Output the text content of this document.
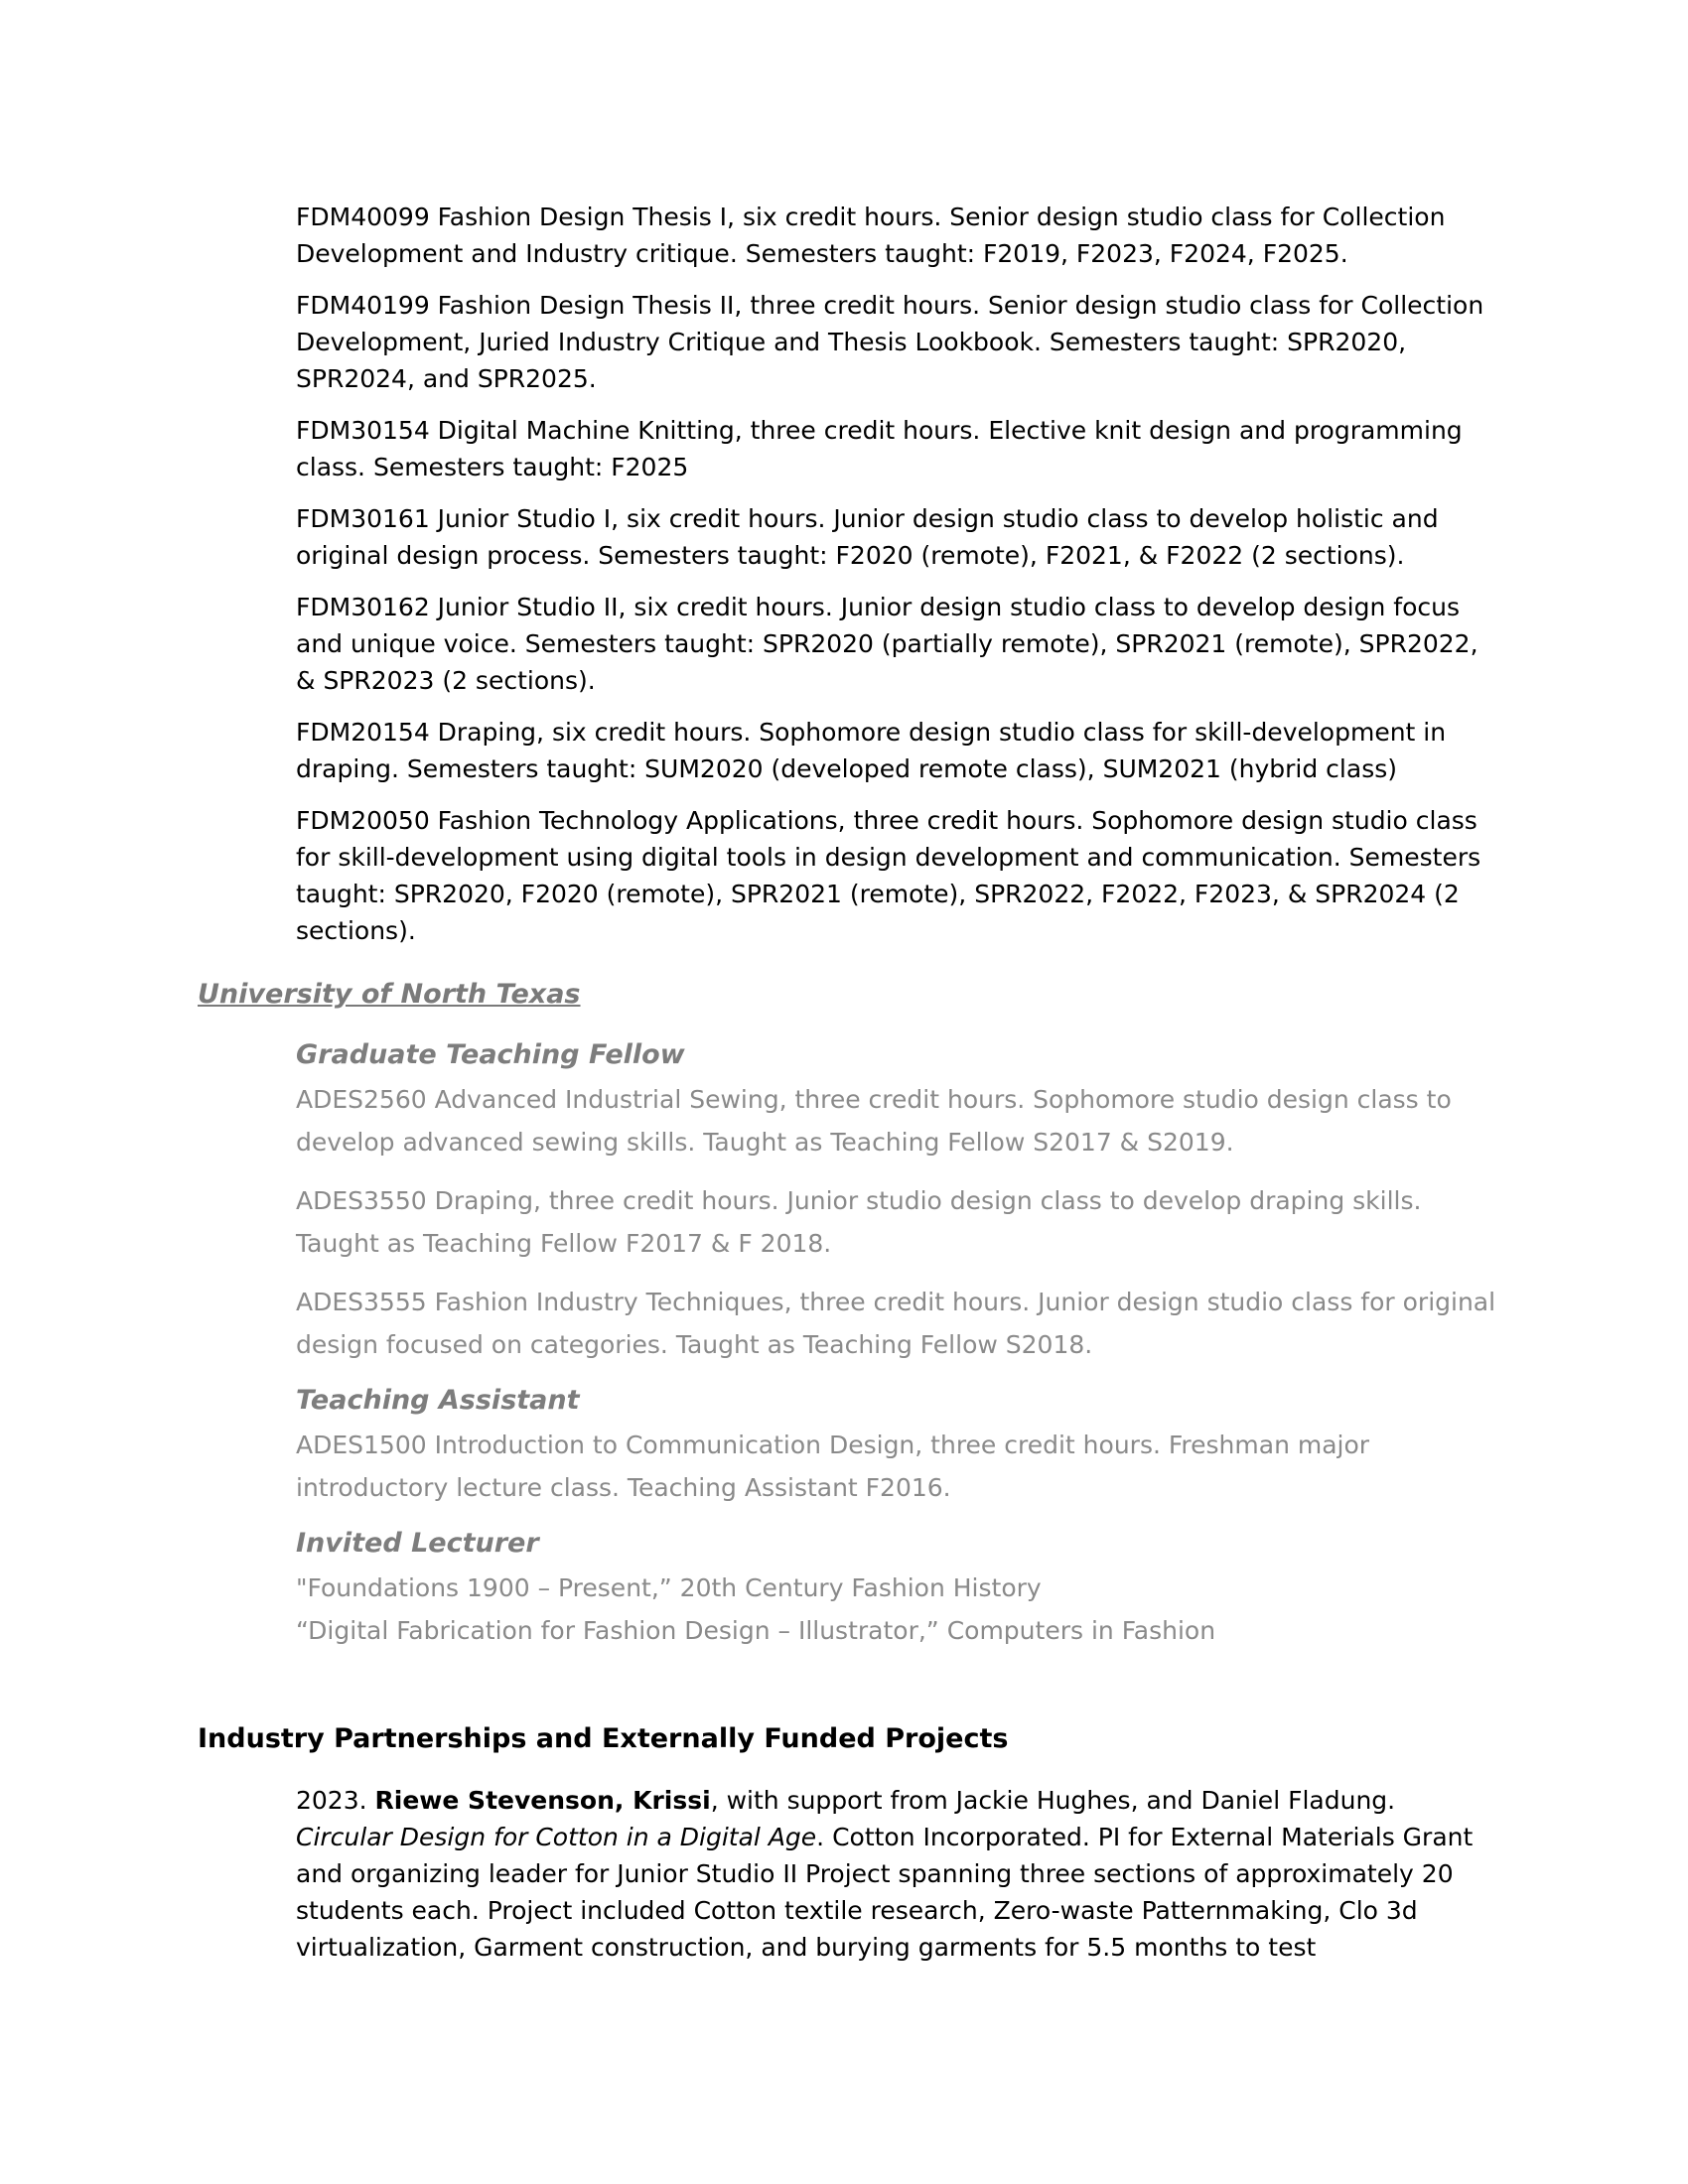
FDM40099 Fashion Design Thesis I, six credit hours. Senior design studio class for Collection Development and Industry critique. Semesters taught: F2019, F2023, F2024, F2025.

FDM40199 Fashion Design Thesis II, three credit hours. Senior design studio class for Collection Development, Juried Industry Critique and Thesis Lookbook. Semesters taught: SPR2020, SPR2024, and SPR2025.

FDM30154 Digital Machine Knitting, three credit hours. Elective knit design and programming class. Semesters taught: F2025

FDM30161 Junior Studio I, six credit hours. Junior design studio class to develop holistic and original design process. Semesters taught: F2020 (remote), F2021, & F2022 (2 sections).

FDM30162 Junior Studio II, six credit hours. Junior design studio class to develop design focus and unique voice. Semesters taught: SPR2020 (partially remote), SPR2021 (remote), SPR2022, & SPR2023 (2 sections).

FDM20154 Draping, six credit hours. Sophomore design studio class for skill-development in draping. Semesters taught: SUM2020 (developed remote class), SUM2021 (hybrid class)

FDM20050 Fashion Technology Applications, three credit hours. Sophomore design studio class for skill-development using digital tools in design development and communication. Semesters taught: SPR2020, F2020 (remote), SPR2021 (remote), SPR2022, F2022, F2023, & SPR2024 (2 sections).

University of North Texas
Graduate Teaching Fellow

ADES2560 Advanced Industrial Sewing, three credit hours. Sophomore studio design class to develop advanced sewing skills. Taught as Teaching Fellow S2017 & S2019.

ADES3550 Draping, three credit hours. Junior studio design class to develop draping skills. Taught as Teaching Fellow F2017 & F 2018.

ADES3555 Fashion Industry Techniques, three credit hours. Junior design studio class for original design focused on categories. Taught as Teaching Fellow S2018.

Teaching Assistant

ADES1500 Introduction to Communication Design, three credit hours. Freshman major introductory lecture class. Teaching Assistant F2016.

Invited Lecturer

"Foundations 1900 – Present,” 20th Century Fashion History

“Digital Fabrication for Fashion Design – Illustrator,” Computers in Fashion

Industry Partnerships and Externally Funded Projects

2023. Riewe Stevenson, Krissi, with support from Jackie Hughes, and Daniel Fladung. Circular Design for Cotton in a Digital Age. Cotton Incorporated. PI for External Materials Grant and organizing leader for Junior Studio II Project spanning three sections of approximately 20 students each. Project included Cotton textile research, Zero-waste Patternmaking, Clo 3d virtualization, Garment construction, and burying garments for 5.5 months to test
